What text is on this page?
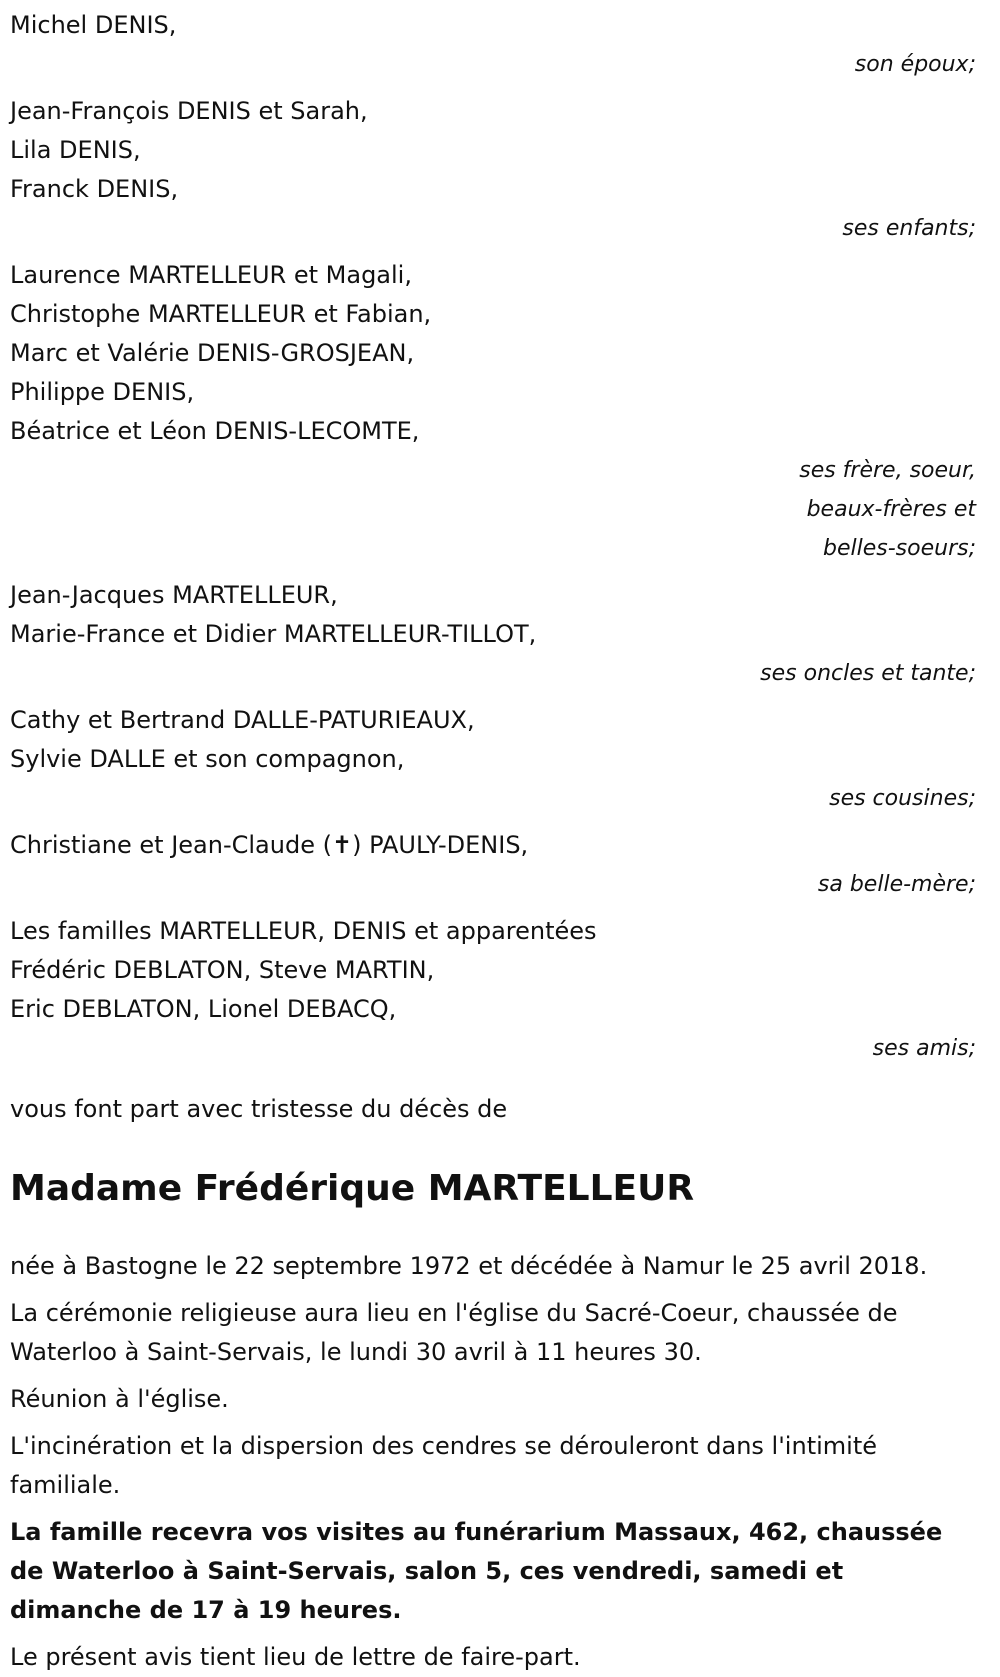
Michel DENIS,

son époux;

Jean-François DENIS et Sarah,

Lila DENIS,

Franck DENIS,

ses enfants;

Laurence MARTELLEUR et Magali,

Christophe MARTELLEUR et Fabian,

Marc et Valérie DENIS-GROSJEAN,

Philippe DENIS,

Béatrice et Léon DENIS-LECOMTE,

ses frère, soeur,

beaux-frères et

belles-soeurs;

Jean-Jacques MARTELLEUR,

Marie-France et Didier MARTELLEUR-TILLOT,

ses oncles et tante;

Cathy et Bertrand DALLE-PATURIEAUX,

Sylvie DALLE et son compagnon,

ses cousines;

Christiane et Jean-Claude (✝) PAULY-DENIS,

sa belle-mère;

Les familles MARTELLEUR, DENIS et apparentées

Frédéric DEBLATON, Steve MARTIN,

Eric DEBLATON, Lionel DEBACQ,

ses amis;

vous font part avec tristesse du décès de

Madame Frédérique MARTELLEUR

née à Bastogne le 22 septembre 1972 et décédée à Namur le 25 avril 2018.

La cérémonie religieuse aura lieu en l'église du Sacré-Coeur, chaussée de Waterloo à Saint-Servais, le lundi 30 avril à 11 heures 30.

Réunion à l'église.

L'incinération et la dispersion des cendres se dérouleront dans l'intimité familiale.

La famille recevra vos visites au funérarium Massaux, 462, chaussée de Waterloo à Saint-Servais, salon 5, ces vendredi, samedi et dimanche de 17 à 19 heures.

Le présent avis tient lieu de lettre de faire-part.
